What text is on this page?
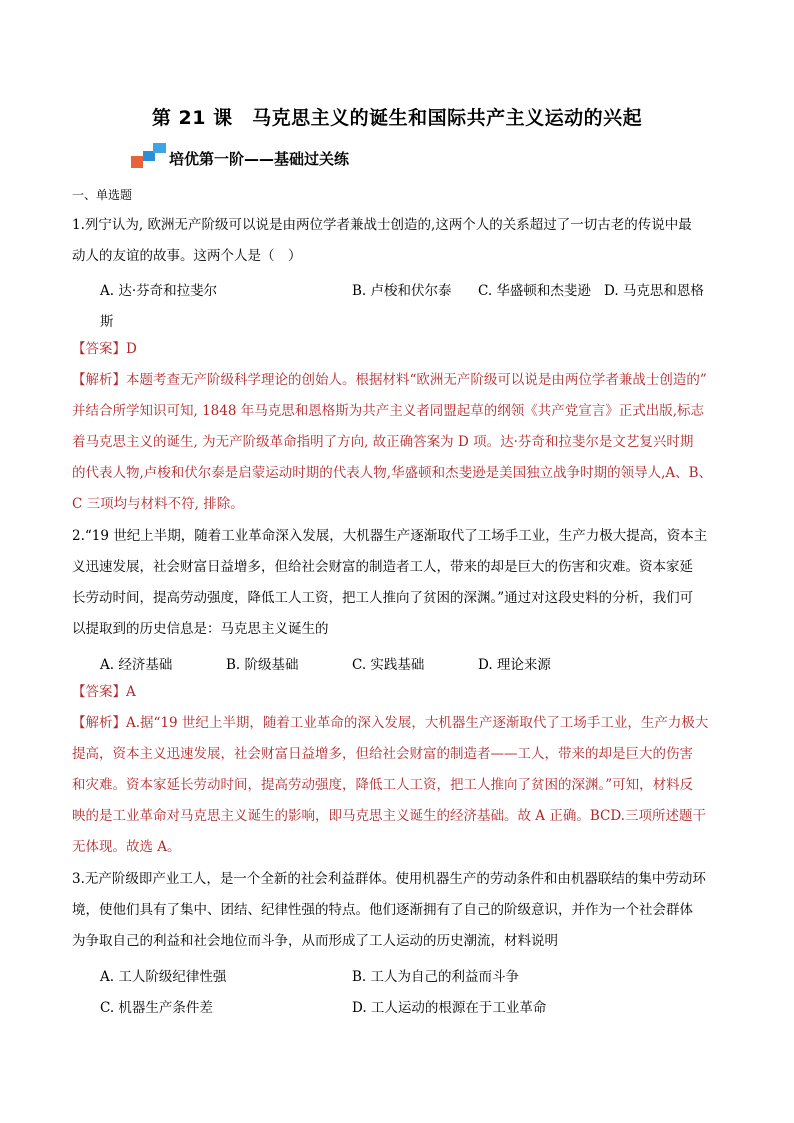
第 21 课　马克思主义的诞生和国际共产主义运动的兴起
培优第一阶——基础过关练
一、单选题
1.列宁认为, 欧洲无产阶级可以说是由两位学者兼战士创造的,这两个人的关系超过了一切古老的传说中最
动人的友谊的故事。这两个人是（　）
A. 达·芬奇和拉斐尔	B. 卢梭和伏尔泰 C. 华盛顿和杰斐逊 D. 马克思和恩格
斯
【答案】D
【解析】本题考查无产阶级科学理论的创始人。根据材料“欧洲无产阶级可以说是由两位学者兼战士创造的”
并结合所学知识可知, 1848 年马克思和恩格斯为共产主义者同盟起草的纲领《共产党宣言》正式出版,标志
着马克思主义的诞生, 为无产阶级革命指明了方向, 故正确答案为 D 项。达·芬奇和拉斐尔是文艺复兴时期
的代表人物,卢梭和伏尔泰是启蒙运动时期的代表人物,华盛顿和杰斐逊是美国独立战争时期的领导人,A、B、
C 三项均与材料不符, 排除。
2.“19 世纪上半期，随着工业革命深入发展，大机器生产逐渐取代了工场手工业，生产力极大提高，资本主
义迅速发展，社会财富日益增多，但给社会财富的制造者工人，带来的却是巨大的伤害和灾难。资本家延
长劳动时间，提高劳动强度，降低工人工资，把工人推向了贫困的深渊。”通过对这段史料的分析，我们可
以提取到的历史信息是：马克思主义诞生的
A. 经济基础	B. 阶级基础	C. 实践基础	D. 理论来源
【答案】A
【解析】A.据“19 世纪上半期，随着工业革命的深入发展，大机器生产逐渐取代了工场手工业，生产力极大
提高，资本主义迅速发展，社会财富日益增多，但给社会财富的制造者——工人，带来的却是巨大的伤害
和灾难。资本家延长劳动时间，提高劳动强度，降低工人工资，把工人推向了贫困的深渊。”可知，材料反
映的是工业革命对马克思主义诞生的影响，即马克思主义诞生的经济基础。故 A 正确。BCD.三项所述题干
无体现。故选 A。
3.无产阶级即产业工人，是一个全新的社会利益群体。使用机器生产的劳动条件和由机器联结的集中劳动环
境，使他们具有了集中、团结、纪律性强的特点。他们逐渐拥有了自己的阶级意识，并作为一个社会群体
为争取自己的利益和社会地位而斗争，从而形成了工人运动的历史潮流，材料说明
A. 工人阶级纪律性强	B. 工人为自己的利益而斗争
C. 机器生产条件差	D. 工人运动的根源在于工业革命
